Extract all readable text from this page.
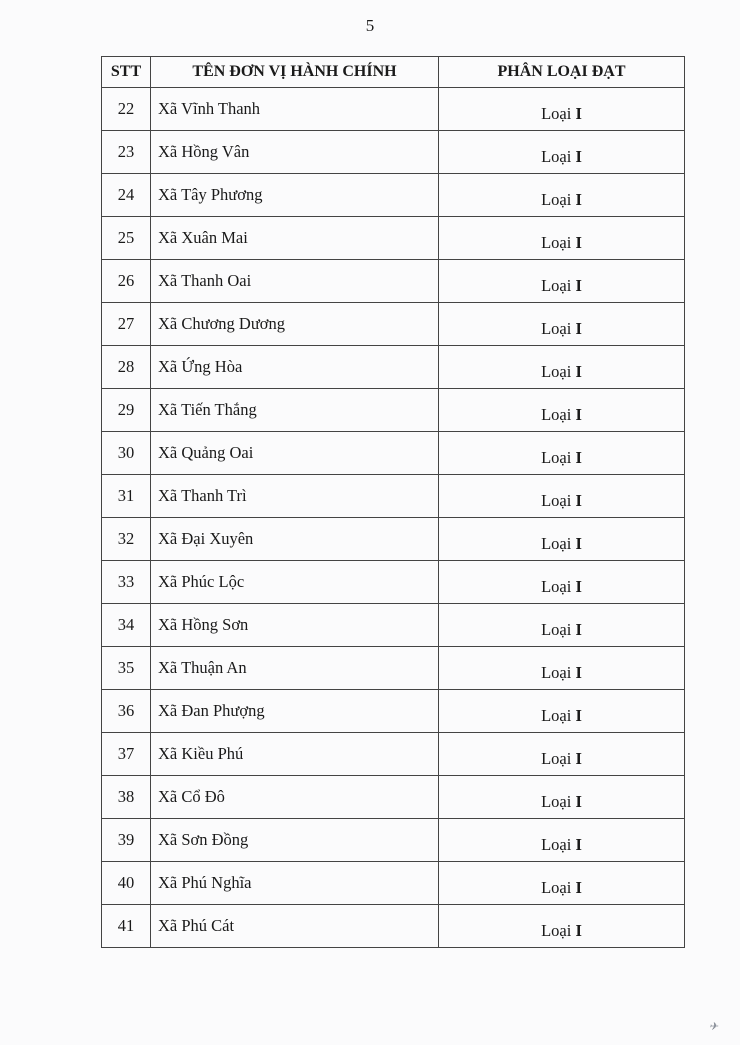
5
STT	TÊN ĐƠN VỊ HÀNH CHÍNH	PHÂN LOẠI ĐẠT
22	Xã Vĩnh Thanh	Loại I
23	Xã Hồng Vân	Loại I
24	Xã Tây Phương	Loại I
25	Xã Xuân Mai	Loại I
26	Xã Thanh Oai	Loại I
27	Xã Chương Dương	Loại I
28	Xã Ứng Hòa	Loại I
29	Xã Tiến Thắng	Loại I
30	Xã Quảng Oai	Loại I
31	Xã Thanh Trì	Loại I
32	Xã Đại Xuyên	Loại I
33	Xã Phúc Lộc	Loại I
34	Xã Hồng Sơn	Loại I
35	Xã Thuận An	Loại I
36	Xã Đan Phượng	Loại I
37	Xã Kiều Phú	Loại I
38	Xã Cổ Đô	Loại I
39	Xã Sơn Đồng	Loại I
40	Xã Phú Nghĩa	Loại I
41	Xã Phú Cát	Loại I
✈
